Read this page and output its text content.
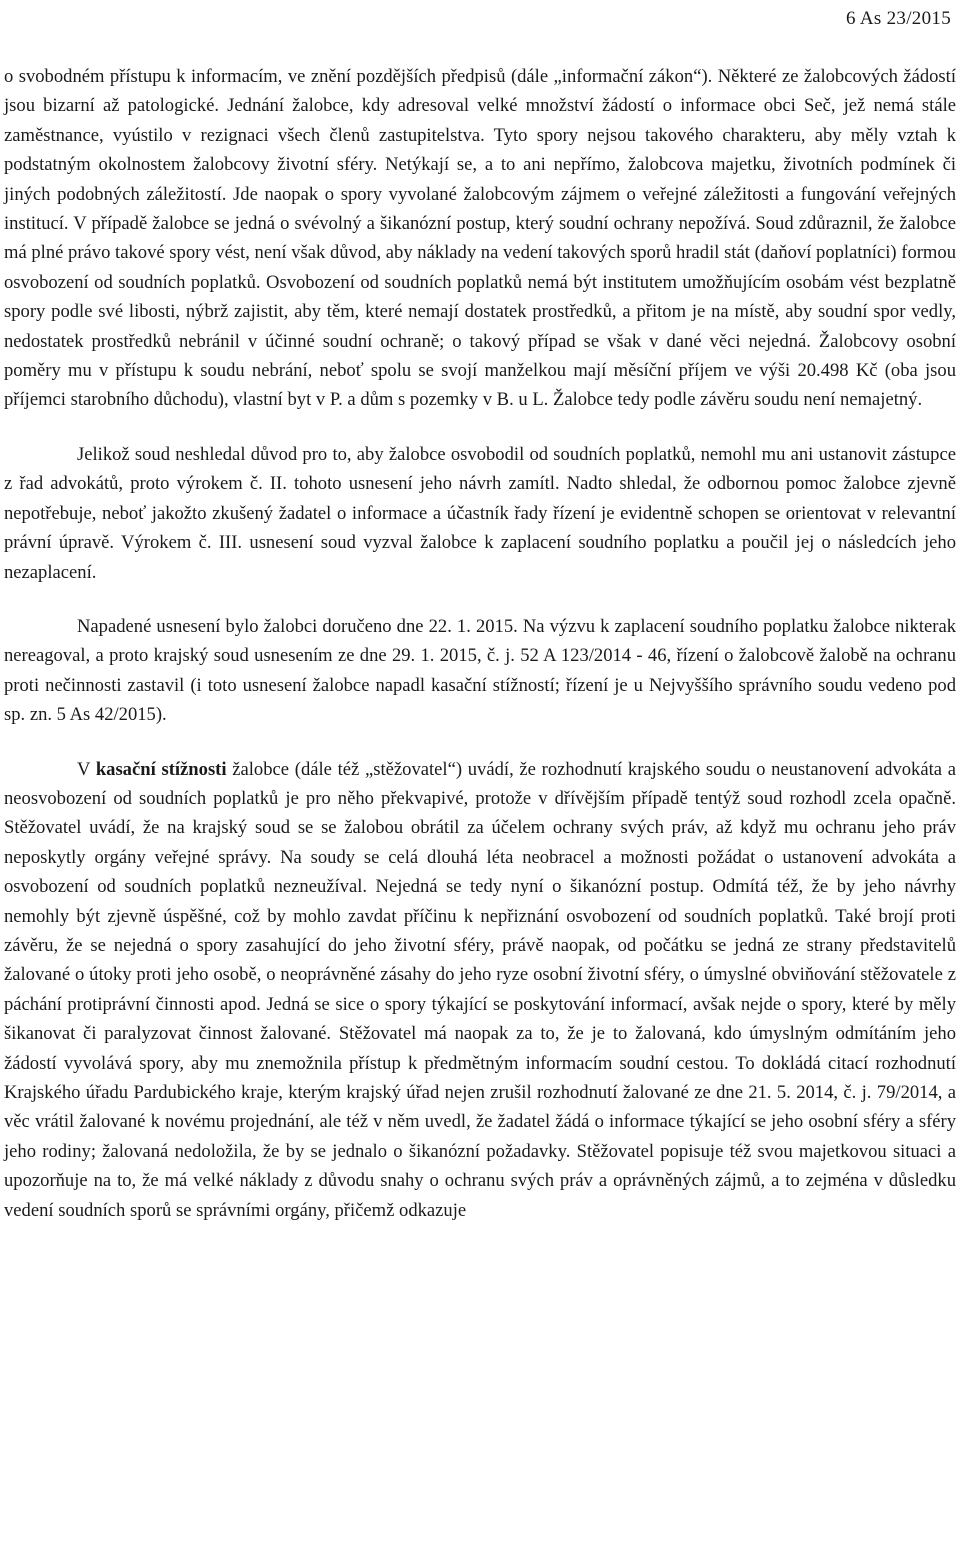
6 As 23/2015

o svobodném přístupu k informacím, ve znění pozdějších předpisů (dále „informační zákon“). Některé ze žalobcových žádostí jsou bizarní až patologické. Jednání žalobce, kdy adresoval velké množství žádostí o informace obci Seč, jež nemá stále zaměstnance, vyústilo v rezignaci všech členů zastupitelstva. Tyto spory nejsou takového charakteru, aby měly vztah k podstatným okolnostem žalobcovy životní sféry. Netýkají se, a to ani nepřímo, žalobcova majetku, životních podmínek či jiných podobných záležitostí. Jde naopak o spory vyvolané žalobcovým zájmem o veřejné záležitosti a fungování veřejných institucí. V případě žalobce se jedná o svévolný a šikanózní postup, který soudní ochrany nepožívá. Soud zdůraznil, že žalobce má plné právo takové spory vést, není však důvod, aby náklady na vedení takových sporů hradil stát (daňoví poplatníci) formou osvobození od soudních poplatků. Osvobození od soudních poplatků nemá být institutem umožňujícím osobám vést bezplatně spory podle své libosti, nýbrž zajistit, aby těm, které nemají dostatek prostředků, a přitom je na místě, aby soudní spor vedly, nedostatek prostředků nebránil v účinné soudní ochraně; o takový případ se však v dané věci nejedná. Žalobcovy osobní poměry mu v přístupu k soudu nebrání, neboť spolu se svojí manželkou mají měsíční příjem ve výši 20.498 Kč (oba jsou příjemci starobního důchodu), vlastní byt v P. a dům s pozemky v B. u L. Žalobce tedy podle závěru soudu není nemajetný.

Jelikož soud neshledal důvod pro to, aby žalobce osvobodil od soudních poplatků, nemohl mu ani ustanovit zástupce z řad advokátů, proto výrokem č. II. tohoto usnesení jeho návrh zamítl. Nadto shledal, že odbornou pomoc žalobce zjevně nepotřebuje, neboť jakožto zkušený žadatel o informace a účastník řady řízení je evidentně schopen se orientovat v relevantní právní úpravě. Výrokem č. III. usnesení soud vyzval žalobce k zaplacení soudního poplatku a poučil jej o následcích jeho nezaplacení.

Napadené usnesení bylo žalobci doručeno dne 22. 1. 2015. Na výzvu k zaplacení soudního poplatku žalobce nikterak nereagoval, a proto krajský soud usnesením ze dne 29. 1. 2015, č. j. 52 A 123/2014 - 46, řízení o žalobcově žalobě na ochranu proti nečinnosti zastavil (i toto usnesení žalobce napadl kasační stížností; řízení je u Nejvyššího správního soudu vedeno pod sp. zn. 5 As 42/2015).

V kasační stížnosti žalobce (dále též „stěžovatel“) uvádí, že rozhodnutí krajského soudu o neustanovení advokáta a neosvobození od soudních poplatků je pro něho překvapivé, protože v dřívějším případě tentýž soud rozhodl zcela opačně. Stěžovatel uvádí, že na krajský soud se se žalobou obrátil za účelem ochrany svých práv, až když mu ochranu jeho práv neposkytly orgány veřejné správy. Na soudy se celá dlouhá léta neobracel a možnosti požádat o ustanovení advokáta a osvobození od soudních poplatků nezneužíval. Nejedná se tedy nyní o šikanózní postup. Odmítá též, že by jeho návrhy nemohly být zjevně úspěšné, což by mohlo zavdat příčinu k nepřiznání osvobození od soudních poplatků. Také brojí proti závěru, že se nejedná o spory zasahující do jeho životní sféry, právě naopak, od počátku se jedná ze strany představitelů žalované o útoky proti jeho osobě, o neoprávněné zásahy do jeho ryze osobní životní sféry, o úmyslné obviňování stěžovatele z páchání protiprávní činnosti apod. Jedná se sice o spory týkající se poskytování informací, avšak nejde o spory, které by měly šikanovat či paralyzovat činnost žalované. Stěžovatel má naopak za to, že je to žalovaná, kdo úmyslným odmítáním jeho žádostí vyvolává spory, aby mu znemožnila přístup k předmětným informacím soudní cestou. To dokládá citací rozhodnutí Krajského úřadu Pardubického kraje, kterým krajský úřad nejen zrušil rozhodnutí žalované ze dne 21. 5. 2014, č. j. 79/2014, a věc vrátil žalované k novému projednání, ale též v něm uvedl, že žadatel žádá o informace týkající se jeho osobní sféry a sféry jeho rodiny; žalovaná nedoložila, že by se jednalo o šikanózní požadavky. Stěžovatel popisuje též svou majetkovou situaci a upozorňuje na to, že má velké náklady z důvodu snahy o ochranu svých práv a oprávněných zájmů, a to zejména v důsledku vedení soudních sporů se správními orgány, přičemž odkazuje
